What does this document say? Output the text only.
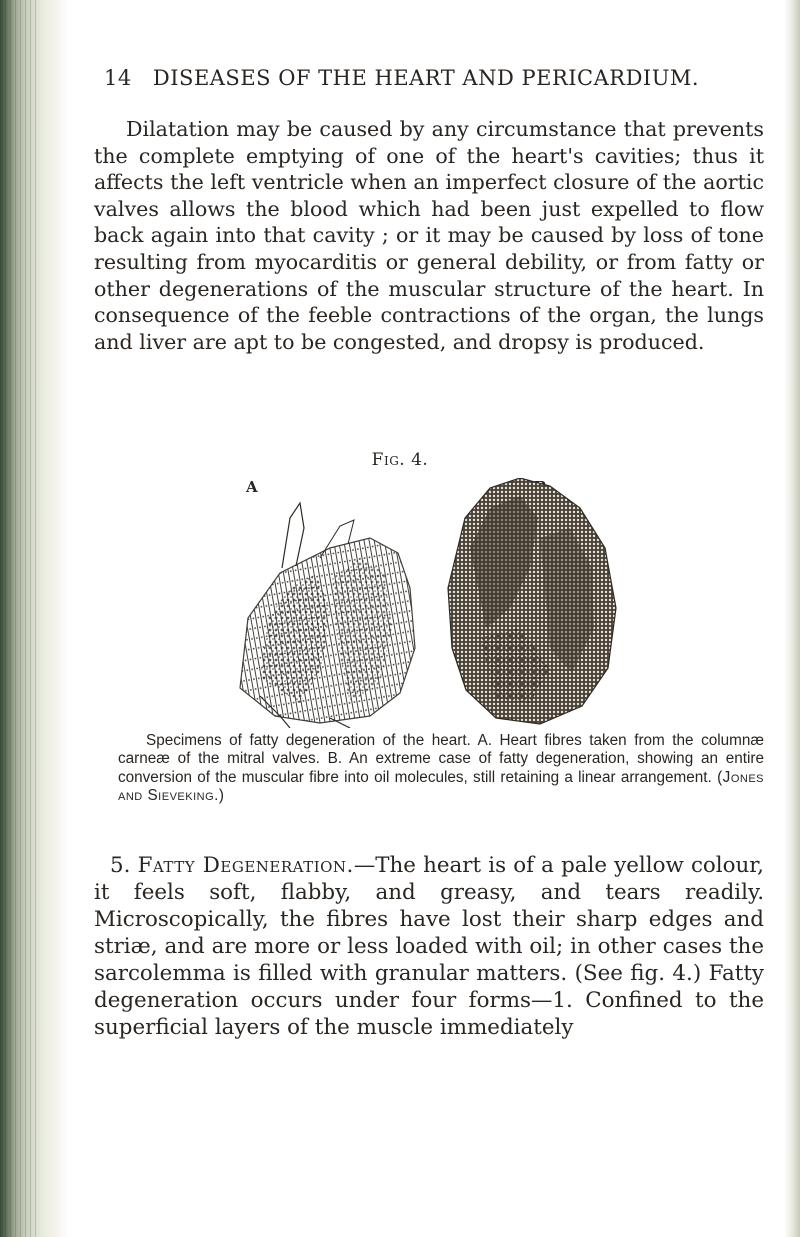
14 DISEASES OF THE HEART AND PERICARDIUM.

Dilatation may be caused by any circumstance that prevents the complete emptying of one of the heart's cavities; thus it affects the left ventricle when an imperfect closure of the aortic valves allows the blood which had been just expelled to flow back again into that cavity ; or it may be caused by loss of tone resulting from myocarditis or general debility, or from fatty or other degenerations of the muscular structure of the heart. In consequence of the feeble contractions of the organ, the lungs and liver are apt to be congested, and dropsy is produced.

Fig. 4.
A

Specimens of fatty degeneration of the heart. A. Heart fibres taken from the columnæ carneæ of the mitral valves. B. An extreme case of fatty degeneration, showing an entire conversion of the muscular fibre into oil molecules, still retaining a linear arrangement. (Jones and Sieveking.)

5. Fatty Degeneration.—The heart is of a pale yellow colour, it feels soft, flabby, and greasy, and tears readily. Microscopically, the fibres have lost their sharp edges and striæ, and are more or less loaded with oil; in other cases the sarcolemma is filled with granular matters. (See fig. 4.) Fatty degeneration occurs under four forms—1. Confined to the superficial layers of the muscle immediately
